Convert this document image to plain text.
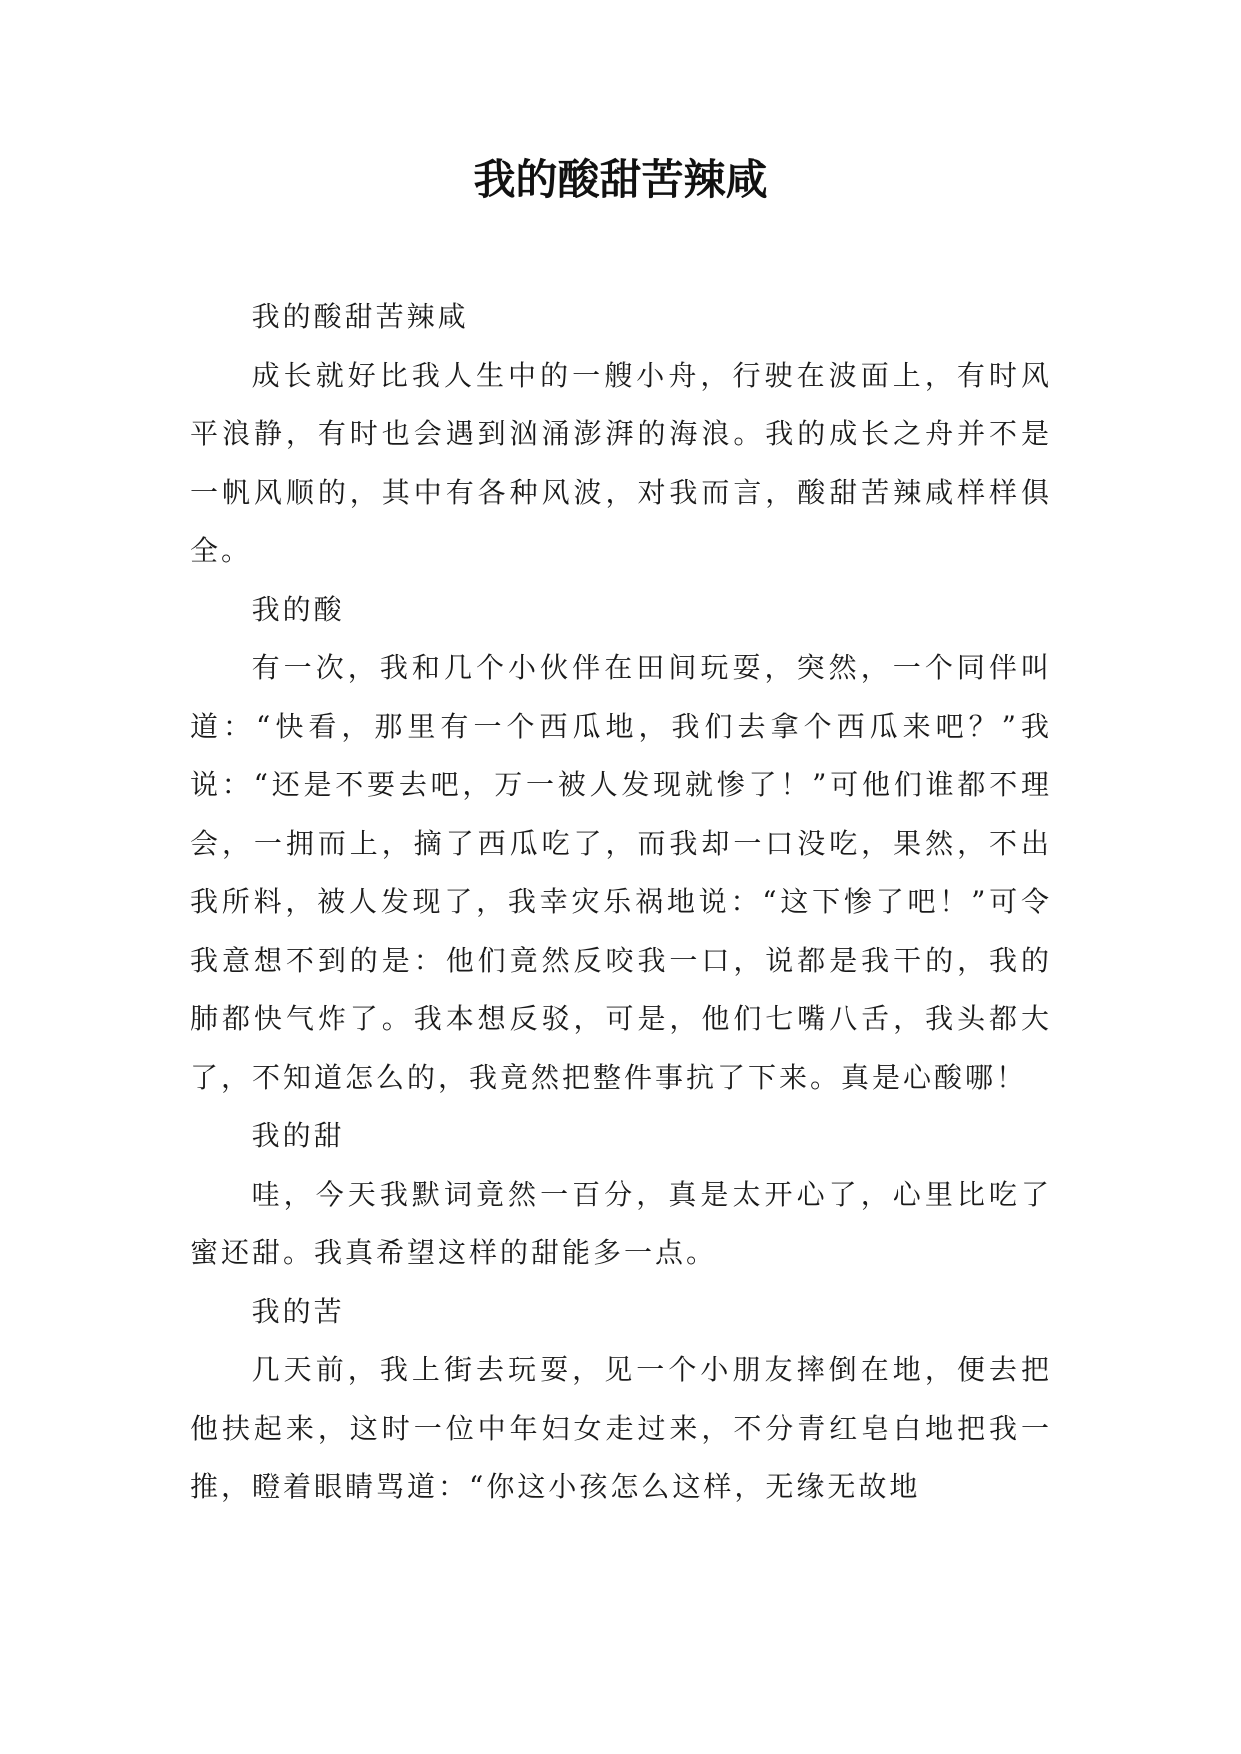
我的酸甜苦辣咸

我的酸甜苦辣咸

成长就好比我人生中的一艘小舟，行驶在波面上，有时风平浪静，有时也会遇到汹涌澎湃的海浪。我的成长之舟并不是一帆风顺的，其中有各种风波，对我而言，酸甜苦辣咸样样俱全。

我的酸

有一次，我和几个小伙伴在田间玩耍，突然，一个同伴叫道：“快看，那里有一个西瓜地，我们去拿个西瓜来吧？”我说：“还是不要去吧，万一被人发现就惨了！”可他们谁都不理会，一拥而上，摘了西瓜吃了，而我却一口没吃，果然，不出我所料，被人发现了，我幸灾乐祸地说：“这下惨了吧！”可令我意想不到的是：他们竟然反咬我一口，说都是我干的，我的肺都快气炸了。我本想反驳，可是，他们七嘴八舌，我头都大了，不知道怎么的，我竟然把整件事抗了下来。真是心酸哪！

我的甜

哇，今天我默词竟然一百分，真是太开心了，心里比吃了蜜还甜。我真希望这样的甜能多一点。

我的苦

几天前，我上街去玩耍，见一个小朋友摔倒在地，便去把他扶起来，这时一位中年妇女走过来，不分青红皂白地把我一推，瞪着眼睛骂道：“你这小孩怎么这样，无缘无故地
